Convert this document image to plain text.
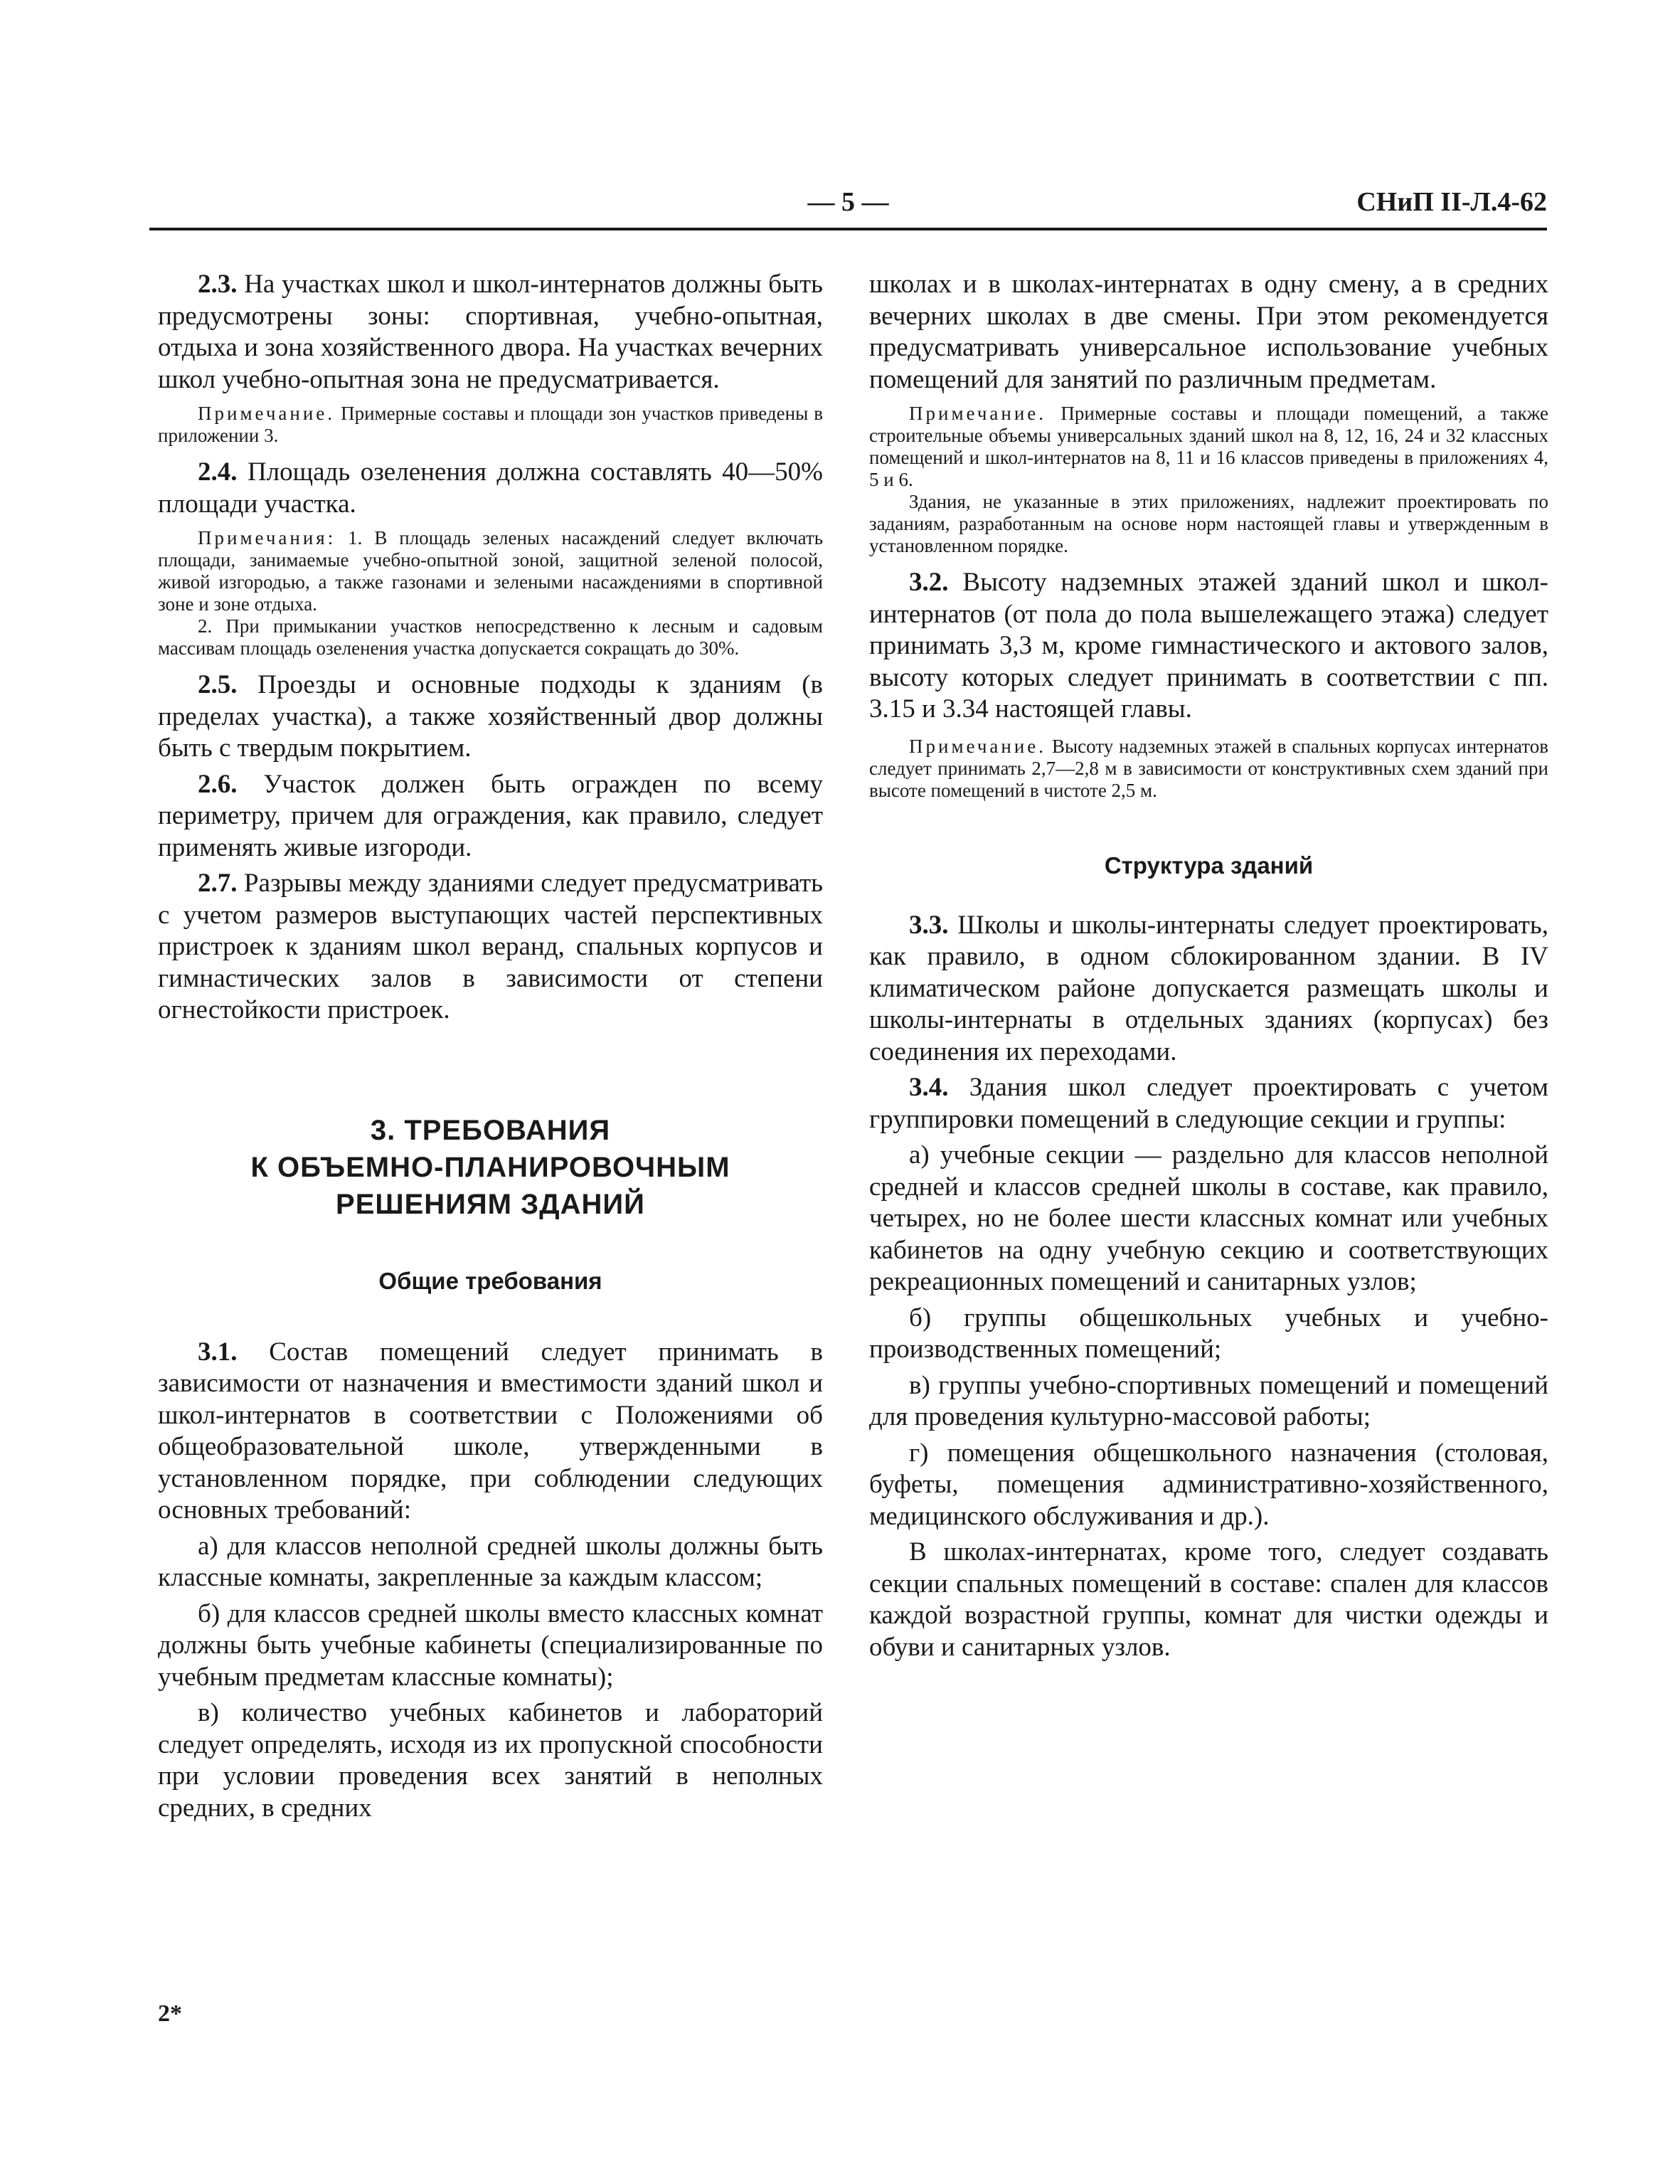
— 5 —	СНиП II-Л.4-62

2.3. На участках школ и школ-интернатов должны быть предусмотрены зоны: спортивная, учебно-опытная, отдыха и зона хозяйственного двора. На участках вечерних школ учебно-опытная зона не предусматривается.

Примечание. Примерные составы и площади зон участков приведены в приложении 3.

2.4. Площадь озеленения должна составлять 40—50% площади участка.

Примечания: 1. В площадь зеленых насаждений следует включать площади, занимаемые учебно-опытной зоной, защитной зеленой полосой, живой изгородью, а также газонами и зелеными насаждениями в спортивной зоне и зоне отдыха.

2. При примыкании участков непосредственно к лесным и садовым массивам площадь озеленения участка допускается сокращать до 30%.

2.5. Проезды и основные подходы к зданиям (в пределах участка), а также хозяйственный двор должны быть с твердым покрытием.

2.6. Участок должен быть огражден по всему периметру, причем для ограждения, как правило, следует применять живые изгороди.

2.7. Разрывы между зданиями следует предусматривать с учетом размеров выступающих частей перспективных пристроек к зданиям школ веранд, спальных корпусов и гимнастических залов в зависимости от степени огнестойкости пристроек.

3. ТРЕБОВАНИЯ
К ОБЪЕМНО-ПЛАНИРОВОЧНЫМ
РЕШЕНИЯМ ЗДАНИЙ
Общие требования

3.1. Состав помещений следует принимать в зависимости от назначения и вместимости зданий школ и школ-интернатов в соответствии с Положениями об общеобразовательной школе, утвержденными в установленном порядке, при соблюдении следующих основных требований:

а) для классов неполной средней школы должны быть классные комнаты, закрепленные за каждым классом;

б) для классов средней школы вместо классных комнат должны быть учебные кабинеты (специализированные по учебным предметам классные комнаты);

в) количество учебных кабинетов и лабораторий следует определять, исходя из их пропускной способности при условии проведения всех занятий в неполных средних, в средних

2*

школах и в школах-интернатах в одну смену, а в средних вечерних школах в две смены. При этом рекомендуется предусматривать универсальное использование учебных помещений для занятий по различным предметам.

Примечание. Примерные составы и площади помещений, а также строительные объемы универсальных зданий школ на 8, 12, 16, 24 и 32 классных помещений и школ-интернатов на 8, 11 и 16 классов приведены в приложениях 4, 5 и 6.

Здания, не указанные в этих приложениях, надлежит проектировать по заданиям, разработанным на основе норм настоящей главы и утвержденным в установленном порядке.

3.2. Высоту надземных этажей зданий школ и школ-интернатов (от пола до пола вышележащего этажа) следует принимать 3,3 м, кроме гимнастического и актового залов, высоту которых следует принимать в соответствии с пп. 3.15 и 3.34 настоящей главы.

Примечание. Высоту надземных этажей в спальных корпусах интернатов следует принимать 2,7—2,8 м в зависимости от конструктивных схем зданий при высоте помещений в чистоте 2,5 м.

Структура зданий

3.3. Школы и школы-интернаты следует проектировать, как правило, в одном сблокированном здании. В IV климатическом районе допускается размещать школы и школы-интернаты в отдельных зданиях (корпусах) без соединения их переходами.

3.4. Здания школ следует проектировать с учетом группировки помещений в следующие секции и группы:

а) учебные секции — раздельно для классов неполной средней и классов средней школы в составе, как правило, четырех, но не более шести классных комнат или учебных кабинетов на одну учебную секцию и соответствующих рекреационных помещений и санитарных узлов;

б) группы общешкольных учебных и учебно-производственных помещений;

в) группы учебно-спортивных помещений и помещений для проведения культурно-массовой работы;

г) помещения общешкольного назначения (столовая, буфеты, помещения административно-хозяйственного, медицинского обслуживания и др.).

В школах-интернатах, кроме того, следует создавать секции спальных помещений в составе: спален для классов каждой возрастной группы, комнат для чистки одежды и обуви и санитарных узлов.
